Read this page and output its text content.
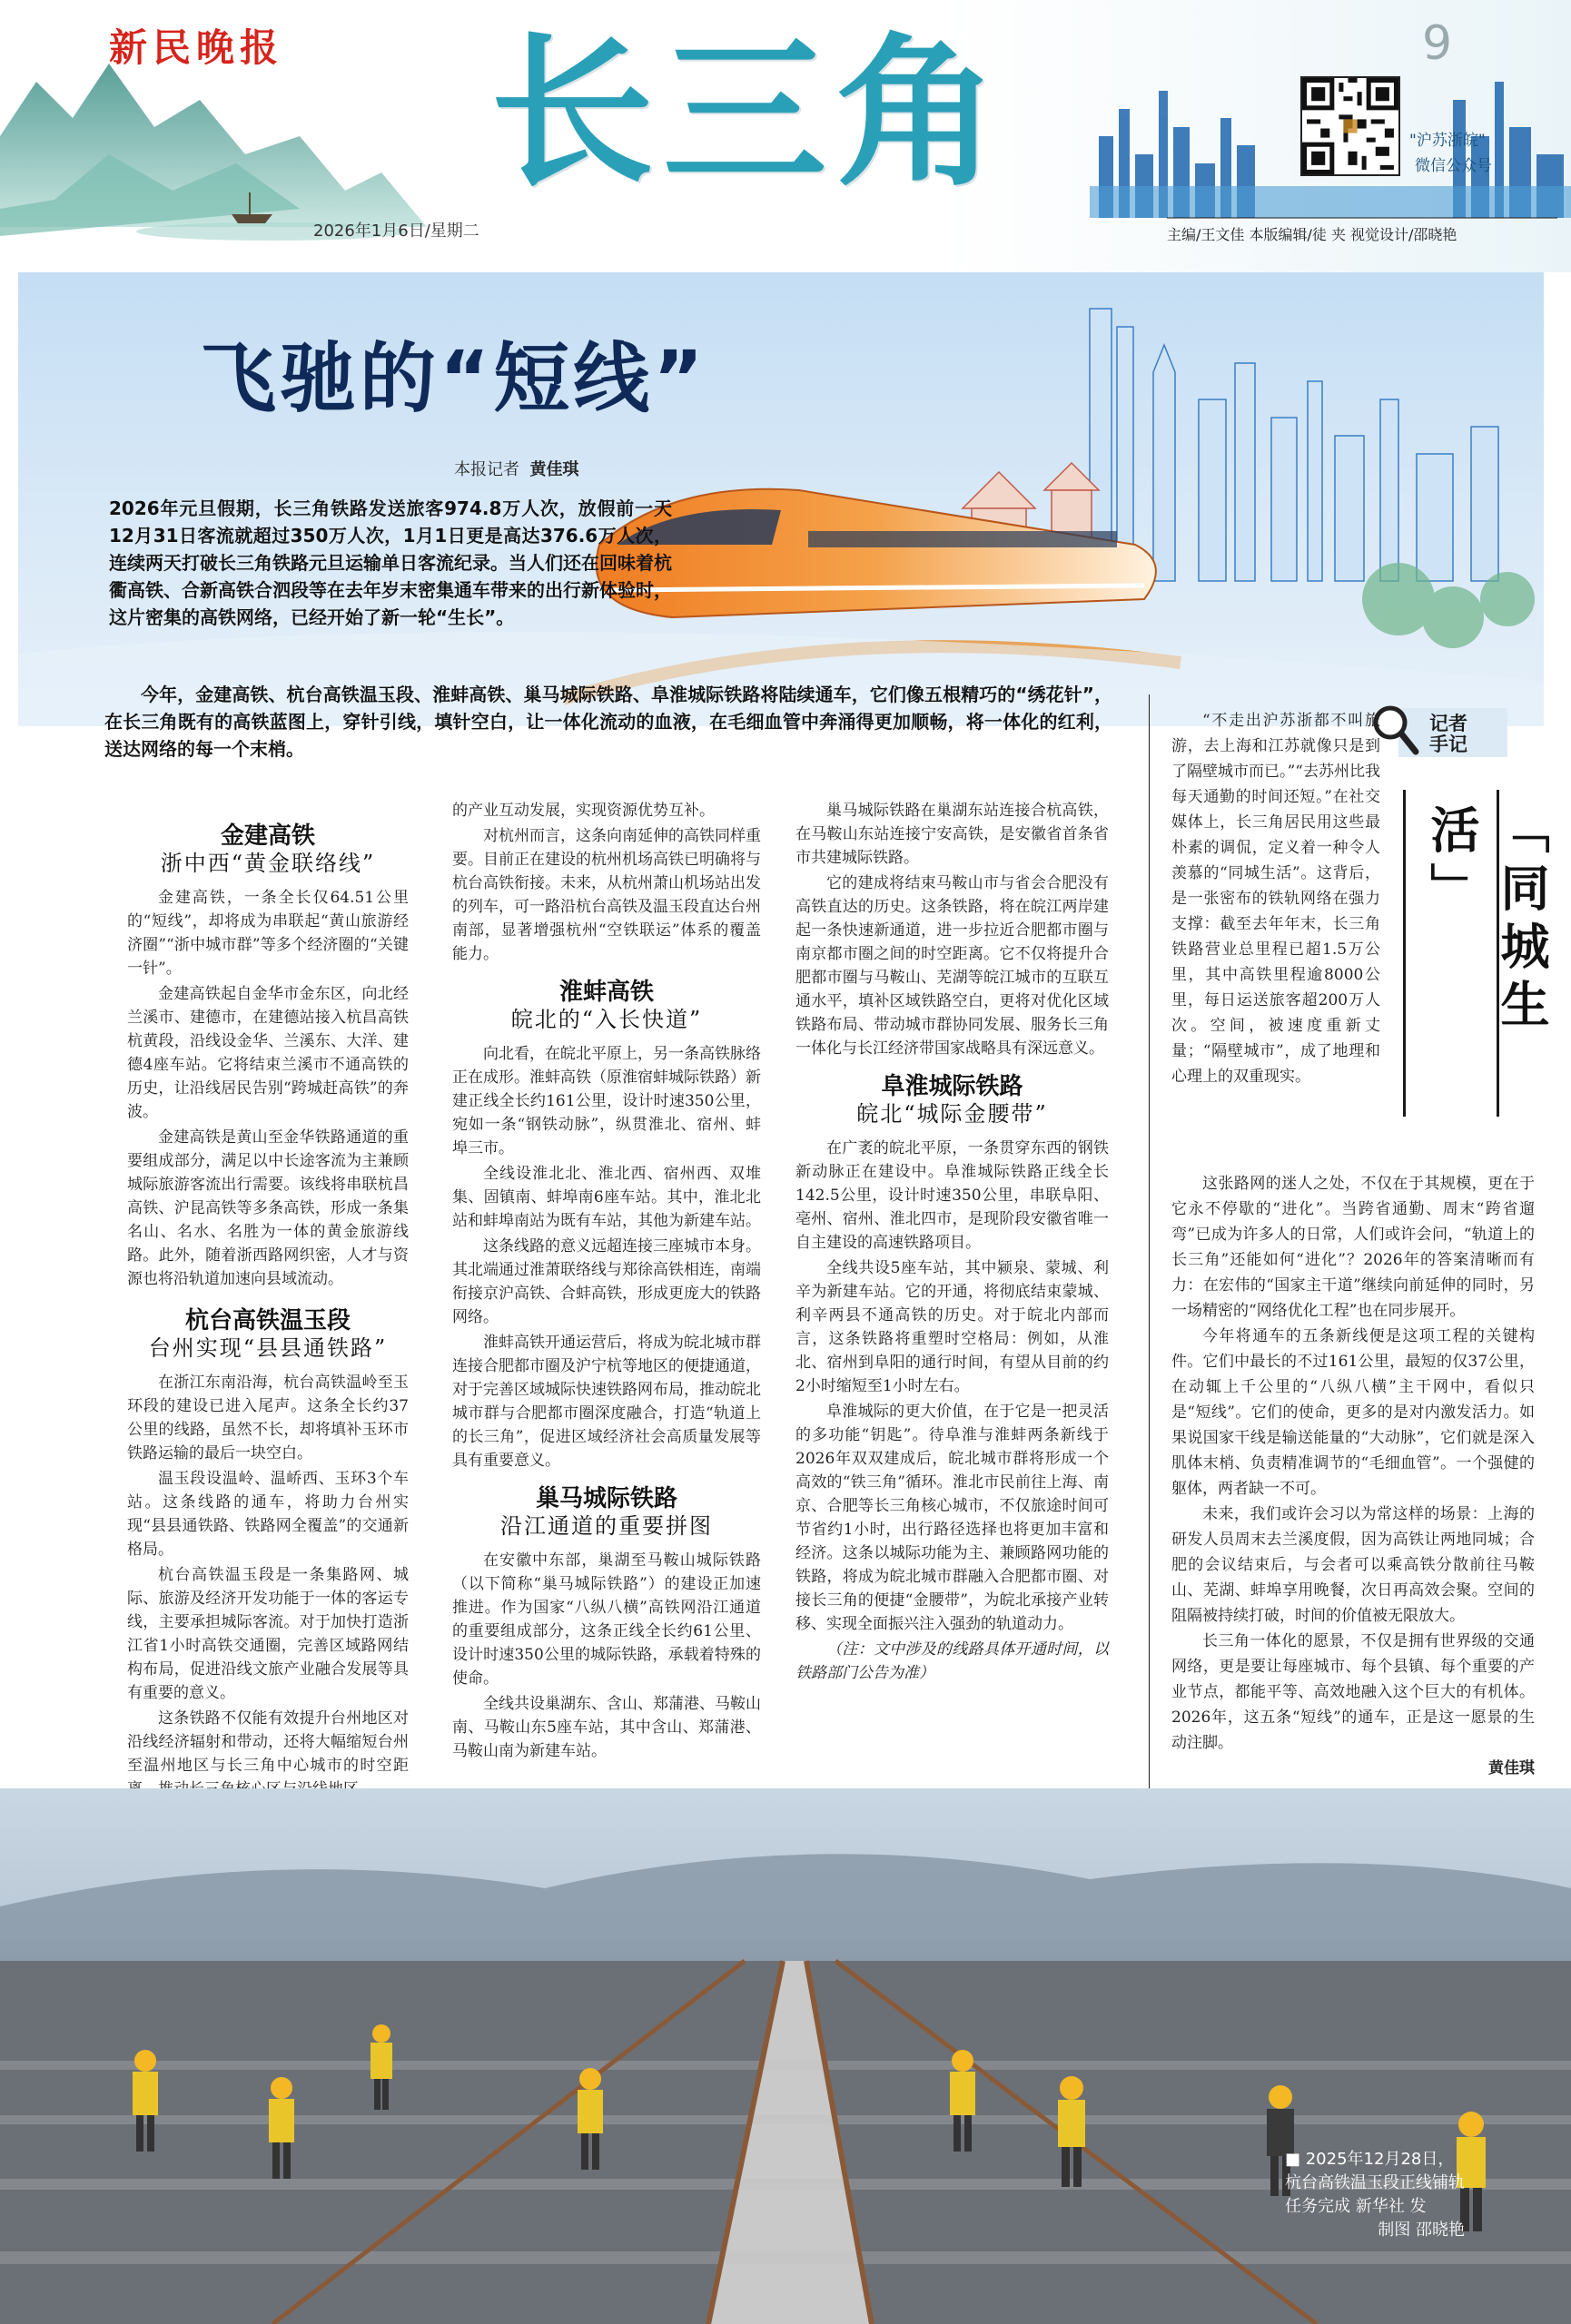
新民晚报 长三角
2026年1月6日/星期二
9
"沪苏浙皖"
微信公众号
主编/王文佳 本版编辑/徒 夹 视觉设计/邵晓艳
飞驰的“短线”
本报记者 黄佳琪
2026年元旦假期，长三角铁路发送旅客974.8万人次，放假前一天12月31日客流就超过350万人次，1月1日更是高达376.6万人次，连续两天打破长三角铁路元旦运输单日客流纪录。当人们还在回味着杭衢高铁、合新高铁合泗段等在去年岁末密集通车带来的出行新体验时，这片密集的高铁网络，已经开始了新一轮“生长”。
今年，金建高铁、杭台高铁温玉段、淮蚌高铁、巢马城际铁路、阜淮城际铁路将陆续通车，它们像五根精巧的“绣花针”，在长三角既有的高铁蓝图上，穿针引线，填针空白，让一体化流动的血液，在毛细血管中奔涌得更加顺畅，将一体化的红利，送达网络的每一个末梢。
金建高铁
浙中西“黄金联络线”

金建高铁，一条全长仅64.51公里的“短线”，却将成为串联起“黄山旅游经济圈”“浙中城市群”等多个经济圈的“关键一针”。

金建高铁起自金华市金东区，向北经兰溪市、建德市，在建德站接入杭昌高铁杭黄段，沿线设金华、兰溪东、大洋、建德4座车站。它将结束兰溪市不通高铁的历史，让沿线居民告别“跨城赶高铁”的奔波。

金建高铁是黄山至金华铁路通道的重要组成部分，满足以中长途客流为主兼顾城际旅游客流出行需要。该线将串联杭昌高铁、沪昆高铁等多条高铁，形成一条集名山、名水、名胜为一体的黄金旅游线路。此外，随着浙西路网织密，人才与资源也将沿轨道加速向县域流动。

杭台高铁温玉段
台州实现“县县通铁路”

在浙江东南沿海，杭台高铁温岭至玉环段的建设已进入尾声。这条全长约37公里的线路，虽然不长，却将填补玉环市铁路运输的最后一块空白。

温玉段设温岭、温峤西、玉环3个车站。这条线路的通车，将助力台州实现“县县通铁路、铁路网全覆盖”的交通新格局。

杭台高铁温玉段是一条集路网、城际、旅游及经济开发功能于一体的客运专线，主要承担城际客流。对于加快打造浙江省1小时高铁交通圈，完善区域路网结构布局，促进沿线文旅产业融合发展等具有重要的意义。

这条铁路不仅能有效提升台州地区对沿线经济辐射和带动，还将大幅缩短台州至温州地区与长三角中心城市的时空距

的产业互动发展，实现资源优势互补。

对杭州而言，这条向南延伸的高铁同样重要。目前正在建设的杭州机场高铁已明确将与杭台高铁衔接。未来，从杭州萧山机场站出发的列车，可一路沿杭台高铁及温玉段直达台州南部，显著增强杭州“空铁联运”体系的覆盖能力。

淮蚌高铁
皖北的“入长快道”

向北看，在皖北平原上，另一条高铁脉络正在成形。淮蚌高铁（原淮宿蚌城际铁路）新建正线全长约161公里，设计时速350公里，宛如一条“钢铁动脉”，纵贯淮北、宿州、蚌埠三市。

全线设淮北北、淮北西、宿州西、双堆集、固镇南、蚌埠南6座车站。其中，淮北北站和蚌埠南站为既有车站，其他为新建车站。

这条线路的意义远超连接三座城市本身。其北端通过淮萧联络线与郑徐高铁相连，南端衔接京沪高铁、合蚌高铁，形成更庞大的铁路网络。

淮蚌高铁开通运营后，将成为皖北城市群连接合肥都市圈及沪宁杭等地区的便捷通道，对于完善区域城际快速铁路网布局，推动皖北城市群与合肥都市圈深度融合，打造“轨道上的长三角”，促进区域经济社会高质量发展等具有重要意义。

巢马城际铁路
沿江通道的重要拼图

在安徽中东部，巢湖至马鞍山城际铁路（以下简称“巢马城际铁路”）的建设正加速推进。作为国家“八纵八横”高铁网沿江通道的重要组成部分，这条正线全长约61公里、设计时速350公里的城际铁路，承载着特殊的使命。

全线共设巢湖东、含山、郑蒲港、马鞍山南、马鞍山东5座车站，其中含山、郑蒲港、马鞍山南为新建车站。

巢马城际铁路在巢湖东站连接合杭高铁，在马鞍山东站连接宁安高铁，是安徽省首条省市共建城际铁路。

它的建成将结束马鞍山市与省会合肥没有高铁直达的历史。这条铁路，将在皖江两岸建起一条快速新通道，进一步拉近合肥都市圈与南京都市圈之间的时空距离。它不仅将提升合肥都市圈与马鞍山、芜湖等皖江城市的互联互通水平，填补区域铁路空白，更将对优化区域铁路布局、带动城市群协同发展、服务长三角一体化与长江经济带国家战略具有深远意义。

阜淮城际铁路
皖北“城际金腰带”

在广袤的皖北平原，一条贯穿东西的钢铁新动脉正在建设中。阜淮城际铁路正线全长142.5公里，设计时速350公里，串联阜阳、亳州、宿州、淮北四市，是现阶段安徽省唯一自主建设的高速铁路项目。

全线共设5座车站，其中颍泉、蒙城、利辛为新建车站。它的开通，将彻底结束蒙城、利辛两县不通高铁的历史。对于皖北内部而言，这条铁路将重塑时空格局：例如，从淮北、宿州到阜阳的通行时间，有望从目前的约2小时缩短至1小时左右。

阜淮城际的更大价值，在于它是一把灵活的多功能“钥匙”。待阜淮与淮蚌两条新线于2026年双双建成后，皖北城市群将形成一个高效的“铁三角”循环。淮北市民前往上海、南京、合肥等长三角核心城市，不仅旅途时间可节省约1小时，出行路径选择也将更加丰富和经济。这条以城际功能为主、兼顾路网功能的铁路，将成为皖北城市群融入合肥都市圈、对接长三角的便捷“金腰带”，为皖北承接产业转移、实现全面振兴注入强劲的轨道动力。

（注：文中涉及的线路具体开通时间，以铁路部门公告为准）

记者
手记
「同城生活」

“不走出沪苏浙都不叫旅游，去上海和江苏就像只是到了隔壁城市而已。”“去苏州比我每天通勤的时间还短。”在社交媒体上，长三角居民用这些最朴素的调侃，定义着一种令人羡慕的“同城生活”。这背后，是一张密布的铁轨网络在强力支撑：截至去年年末，长三角铁路营业总里程已超1.5万公里，其中高铁里程逾8000公里，每日运送旅客超200万人次。空间，被速度重新丈量；“隔壁城市”，成了地理和心理上的双重现实。

这张路网的迷人之处，不仅在于其规模，更在于它永不停歇的“进化”。当跨省通勤、周末“跨省遛弯”已成为许多人的日常，人们或许会问，“轨道上的长三角”还能如何“进化”？2026年的答案清晰而有力：在宏伟的“国家主干道”继续向前延伸的同时，另一场精密的“网络优化工程”也在同步展开。

今年将通车的五条新线便是这项工程的关键构件。它们中最长的不过161公里，最短的仅37公里，在动辄上千公里的“八纵八横”主干网中，看似只是“短线”。它们的使命，更多的是对内激发活力。如果说国家干线是输送能量的“大动脉”，它们就是深入肌体末梢、负责精准调节的“毛细血管”。一个强健的躯体，两者缺一不可。

未来，我们或许会习以为常这样的场景：上海的研发人员周末去兰溪度假，因为高铁让两地同城；合肥的会议结束后，与会者可以乘高铁分散前往马鞍山、芜湖、蚌埠享用晚餐，次日再高效会聚。空间的阻隔被持续打破，时间的价值被无限放大。

长三角一体化的愿景，不仅是拥有世界级的交通网络，更是要让每座城市、每个县镇、每个重要的产业节点，都能平等、高效地融入这个巨大的有机体。2026年，这五条“短线”的通车，正是这一愿景的生动注脚。

黄佳琪
■ 2025年12月28日，
杭台高铁温玉段正线铺轨
任务完成 新华社 发
制图 邵晓艳
